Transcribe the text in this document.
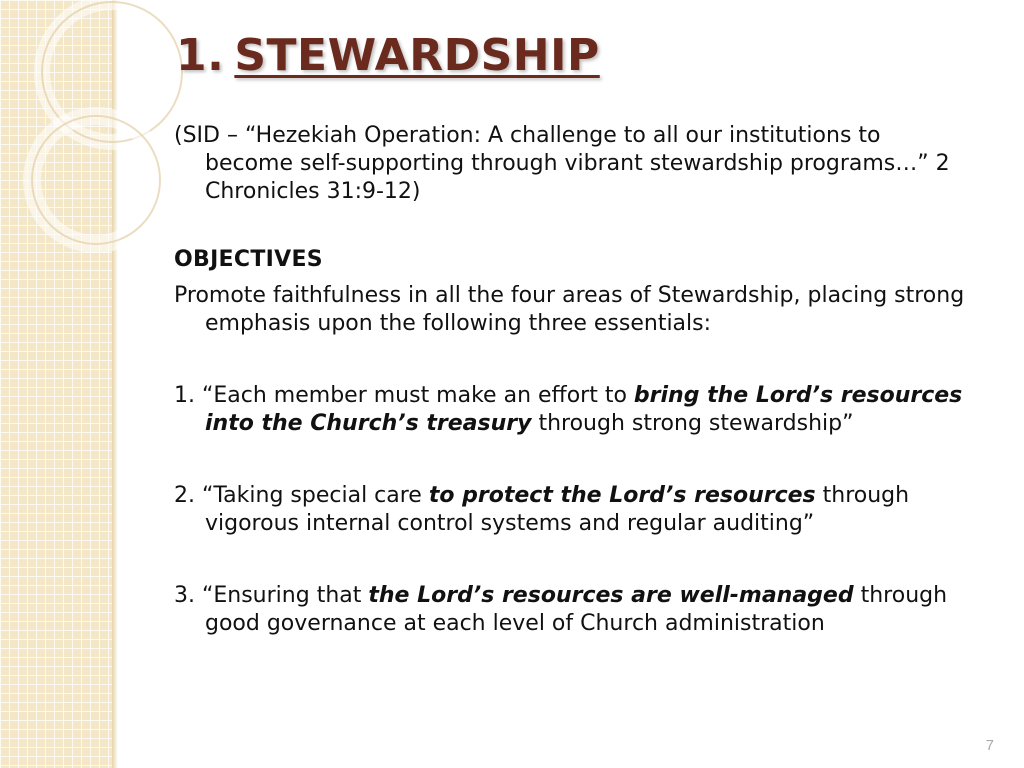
1. STEWARDSHIP

(SID – “Hezekiah Operation: A challenge to all our institutions to become self-supporting through vibrant stewardship programs…” 2 Chronicles 31:9-12)

OBJECTIVES

Promote faithfulness in all the four areas of Stewardship, placing strong emphasis upon the following three essentials:

1. “Each member must make an effort to bring the Lord’s resources into the Church’s treasury through strong stewardship”

2. “Taking special care to protect the Lord’s resources through vigorous internal control systems and regular auditing”

3. “Ensuring that the Lord’s resources are well-managed through good governance at each level of Church administration

7
